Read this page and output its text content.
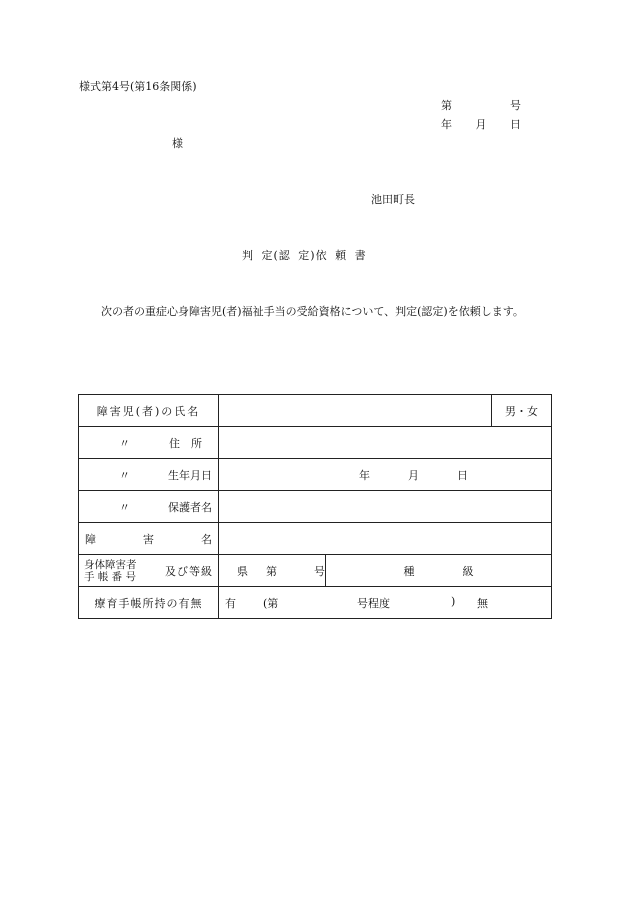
様式第4号(第16条関係)
第	号
年 月 日
様
池田町長
判 定(認 定)依 頼 書
次の者の重症心身障害児(者)福祉手当の受給資格について、判定(認定)を依頼します。
障害児(者)の氏名			男・女

〃 住　所			

〃 生年月日	年 月 日		

〃 保護者名			

障 害 名			

身体障害者
手 帳 番 号 及び等級	県 第 号	種 級	

療育手帳所持の有無	有 (第 号程度 ) 無		
